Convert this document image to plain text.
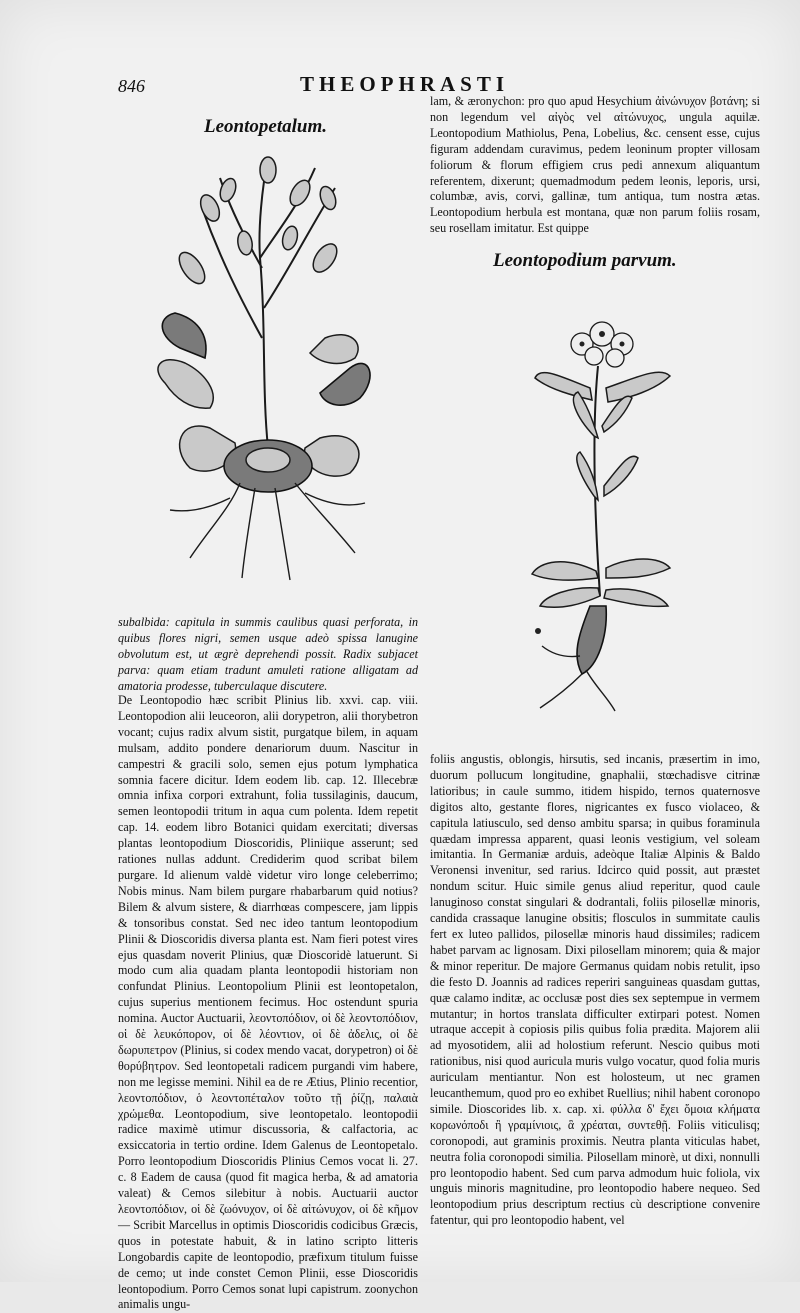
846	THEOPHRASTI
Leontopetalum.
Leontopodium parvum.
lam, & æronychon: pro quo apud Hesychium ἀἰνώνυχον βοτάνη; si non legendum vel αἰγὸς vel αἰτώνυχος, ungula aquilæ. Leontopodium Mathiolus, Pena, Lobelius, &c. censent esse, cujus figuram addendam curavimus, pedem leoninum propter villosam foliorum & florum effigiem crus pedi annexum aliquantum referentem, dixerunt; quemadmodum pedem leonis, leporis, ursi, columbæ, avis, corvi, gallinæ, tum antiqua, tum nostra ætas. Leontopodium herbula est montana, quæ non parum foliis rosam, seu rosellam imitatur. Est quippe
subalbida: capitula in summis caulibus quasi perforata, in quibus flores nigri, semen usque adeò spissa lanugine obvolutum est, ut ægrè deprehendi possit. Radix subjacet parva: quam etiam tradunt amuleti ratione alligatam ad amatoria prodesse, tuberculaque discutere.
De Leontopodio hæc scribit Plinius lib. xxvi. cap. viii. Leontopodion alii leuceoron, alii dorypetron, alii thorybetron vocant; cujus radix alvum sistit, purgatque bilem, in aquam mulsam, addito pondere denariorum duum. Nascitur in campestri & gracili solo, semen ejus potum lymphatica somnia facere dicitur. Idem eodem lib. cap. 12. Illecebræ omnia infixa corpori extrahunt, folia tussilaginis, daucum, semen leontopodii tritum in aqua cum polenta. Idem repetit cap. 14. eodem libro Botanici quidam exercitati; diversas plantas leontopodium Dioscoridis, Pliniique asserunt; sed rationes nullas addunt. Crediderim quod scribat bilem purgare. Id alienum valdè videtur viro longe celeberrimo; Nobis minus. Nam bilem purgare rhabarbarum quid notius? Bilem & alvum sistere, & diarrhœas compescere, jam lippis & tonsoribus constat. Sed nec ideo tantum leontopodium Plinii & Dioscoridis diversa planta est. Nam fieri potest vires ejus quasdam noverit Plinius, quæ Dioscoridè latuerunt. Si modo cum alia quadam planta leontopodii historiam non confundat Plinius. Leontopolium Plinii est leontopetalon, cujus superius mentionem fecimus. Hoc ostendunt spuria nomina. Auctor Auctuarii, λεοντοπόδιον, οἱ δὲ λεοντοπόδιον, οἱ δὲ λευκόπορον, οἱ δὲ λέοντιον, οἱ δὲ ἀδελις, οἱ δὲ δωρυπετρον (Plinius, si codex mendo vacat, dorypetron) οἱ δὲ θορύβητρον. Sed leontopetali radicem purgandi vim habere, non me legisse memini. Nihil ea de re Ætius, Plinio recentior, λεοντοπόδιον, ὁ λεοντοπέταλον τοῦτο τῇ ῥίζῃ, παλαιὰ χρώμεθα. Leontopodium, sive leontopetalo. leontopodii radice maximè utimur discussoria, & calfactoria, ac exsiccatoria in tertio ordine. Idem Galenus de Leontopetalo. Porro leontopodium Dioscoridis Plinius Cemos vocat li. 27. c. 8 Eadem de causa (quod fit magica herba, & ad amatoria valeat) & Cemos silebitur à nobis. Auctuarii auctor λεοντοπόδιον, οἱ δὲ ζωόνυχον, οἱ δὲ αἰτώνυχον, οἱ δὲ κῆμον — Scribit Marcellus in optimis Dioscoridis codicibus Græcis, quos in potestate habuit, & in latino scripto litteris Longobardis capite de leontopodio, præfixum titulum fuisse de cemo; ut inde constet Cemon Plinii, esse Dioscoridis leontopodium. Porro Cemos sonat lupi capistrum. zoonychon animalis ungu-
foliis angustis, oblongis, hirsutis, sed incanis, præsertim in imo, duorum pollucum longitudine, gnaphalii, stœchadisve citrinæ latioribus; in caule summo, itidem hispido, ternos quaternosve digitos alto, gestante flores, nigricantes ex fusco violaceo, & capitula latiusculo, sed denso ambitu sparsa; in quibus foraminula quædam impressa apparent, quasi leonis vestigium, vel soleam imitantia. In Germaniæ arduis, adeòque Italiæ Alpinis & Baldo Veronensi invenitur, sed rarius. Idcirco quid possit, aut præstet nondum scitur. Huic simile genus aliud reperitur, quod caule lanuginoso constat singulari & dodrantali, foliis pilosellæ minoris, candida crassaque lanugine obsitis; flosculos in summitate caulis fert ex luteo pallidos, pilosellæ minoris haud dissimiles; radicem habet parvam ac lignosam. Dixi pilosellam minorem; quia & major & minor reperitur. De majore Germanus quidam nobis retulit, ipso die festo D. Joannis ad radices reperiri sanguineas quasdam guttas, quæ calamo inditæ, ac occlusæ post dies sex septempue in vermem mutantur; in hortos translata difficulter extirpari potest. Nomen utraque accepit à copiosis pilis quibus folia prædita. Majorem alii ad myosotidem, alii ad holostium referunt. Nescio quibus moti rationibus, nisi quod auricula muris vulgo vocatur, quod folia muris auriculam mentiantur. Non est holosteum, ut nec gramen leucanthemum, quod pro eo exhibet Ruellius; nihil habent coronopo simile. Dioscorides lib. x. cap. xi. φύλλα δ' ἔχει ὅμοια κλήματα κορωνόποδι ἢ γραμίνιοις, ἃ χρέαται, συντεθῇ. Foliis viticulisq; coronopodi, aut graminis proximis. Neutra planta viticulas habet, neutra folia coronopodi similia. Pilosellam minorè, ut dixi, nonnulli pro leontopodio habent. Sed cum parva admodum huic foliola, vix unguis minoris magnitudine, pro leontopodio habere nequeo. Sed leontopodium prius descriptum rectius cù descriptione convenire fatentur, qui pro leontopodio habent, vel
